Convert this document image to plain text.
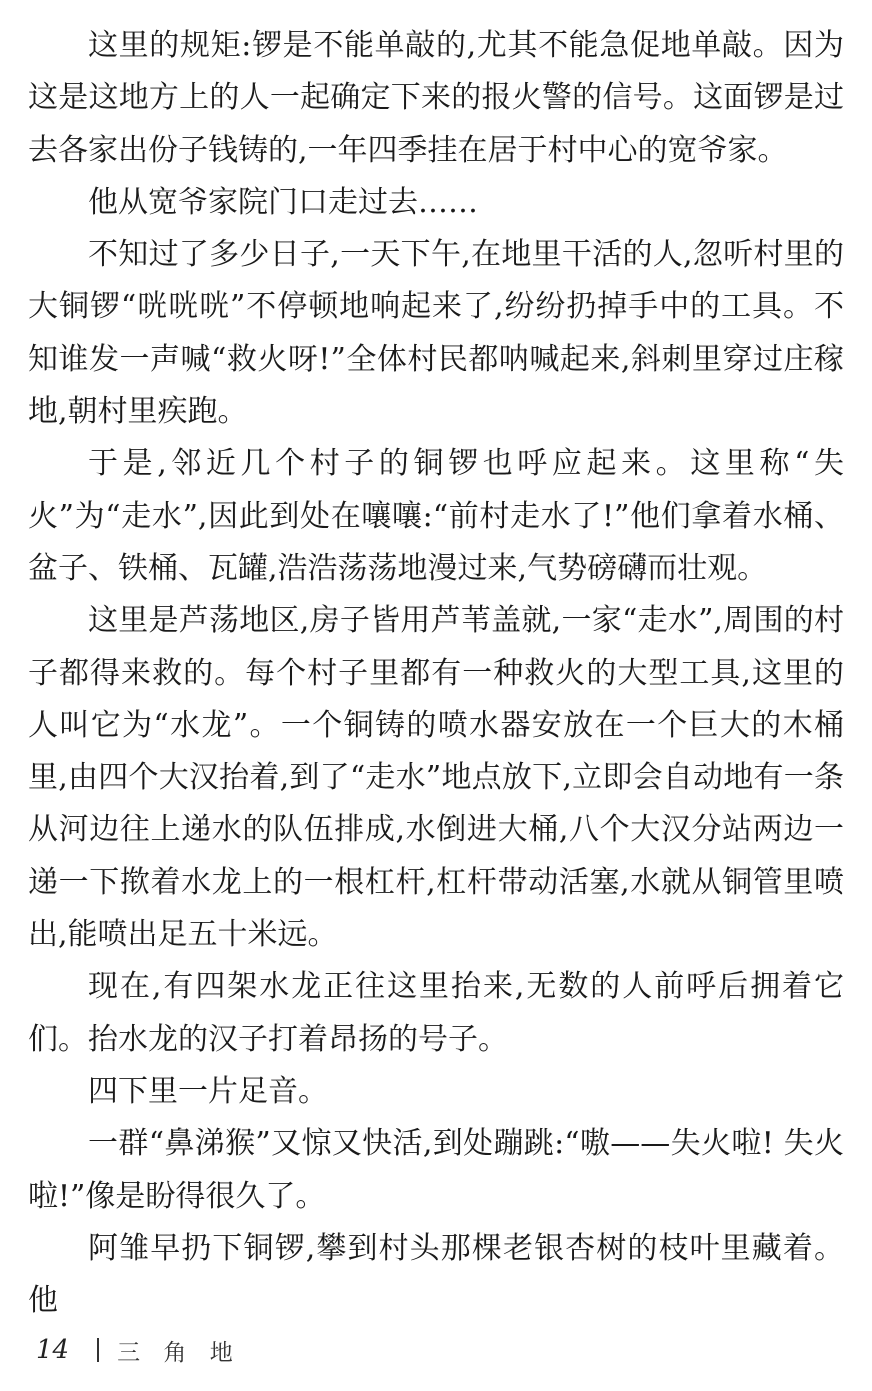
这里的规矩:锣是不能单敲的,尤其不能急促地单敲。因为这是这地方上的人一起确定下来的报火警的信号。这面锣是过去各家出份子钱铸的,一年四季挂在居于村中心的宽爷家。

他从宽爷家院门口走过去……

不知过了多少日子,一天下午,在地里干活的人,忽听村里的大铜锣“咣咣咣”不停顿地响起来了,纷纷扔掉手中的工具。不知谁发一声喊“救火呀!”全体村民都呐喊起来,斜刺里穿过庄稼地,朝村里疾跑。

于是,邻近几个村子的铜锣也呼应起来。这里称“失火”为“走水”,因此到处在嚷嚷:“前村走水了!”他们拿着水桶、盆子、铁桶、瓦罐,浩浩荡荡地漫过来,气势磅礴而壮观。

这里是芦荡地区,房子皆用芦苇盖就,一家“走水”,周围的村子都得来救的。每个村子里都有一种救火的大型工具,这里的人叫它为“水龙”。一个铜铸的喷水器安放在一个巨大的木桶里,由四个大汉抬着,到了“走水”地点放下,立即会自动地有一条从河边往上递水的队伍排成,水倒进大桶,八个大汉分站两边一递一下揿着水龙上的一根杠杆,杠杆带动活塞,水就从铜管里喷出,能喷出足五十米远。

现在,有四架水龙正往这里抬来,无数的人前呼后拥着它们。抬水龙的汉子打着昂扬的号子。

四下里一片足音。

一群“鼻涕猴”又惊又快活,到处蹦跳:“嗷——失火啦! 失火啦!”像是盼得很久了。

阿雏早扔下铜锣,攀到村头那棵老银杏树的枝叶里藏着。他

14 三 角 地
